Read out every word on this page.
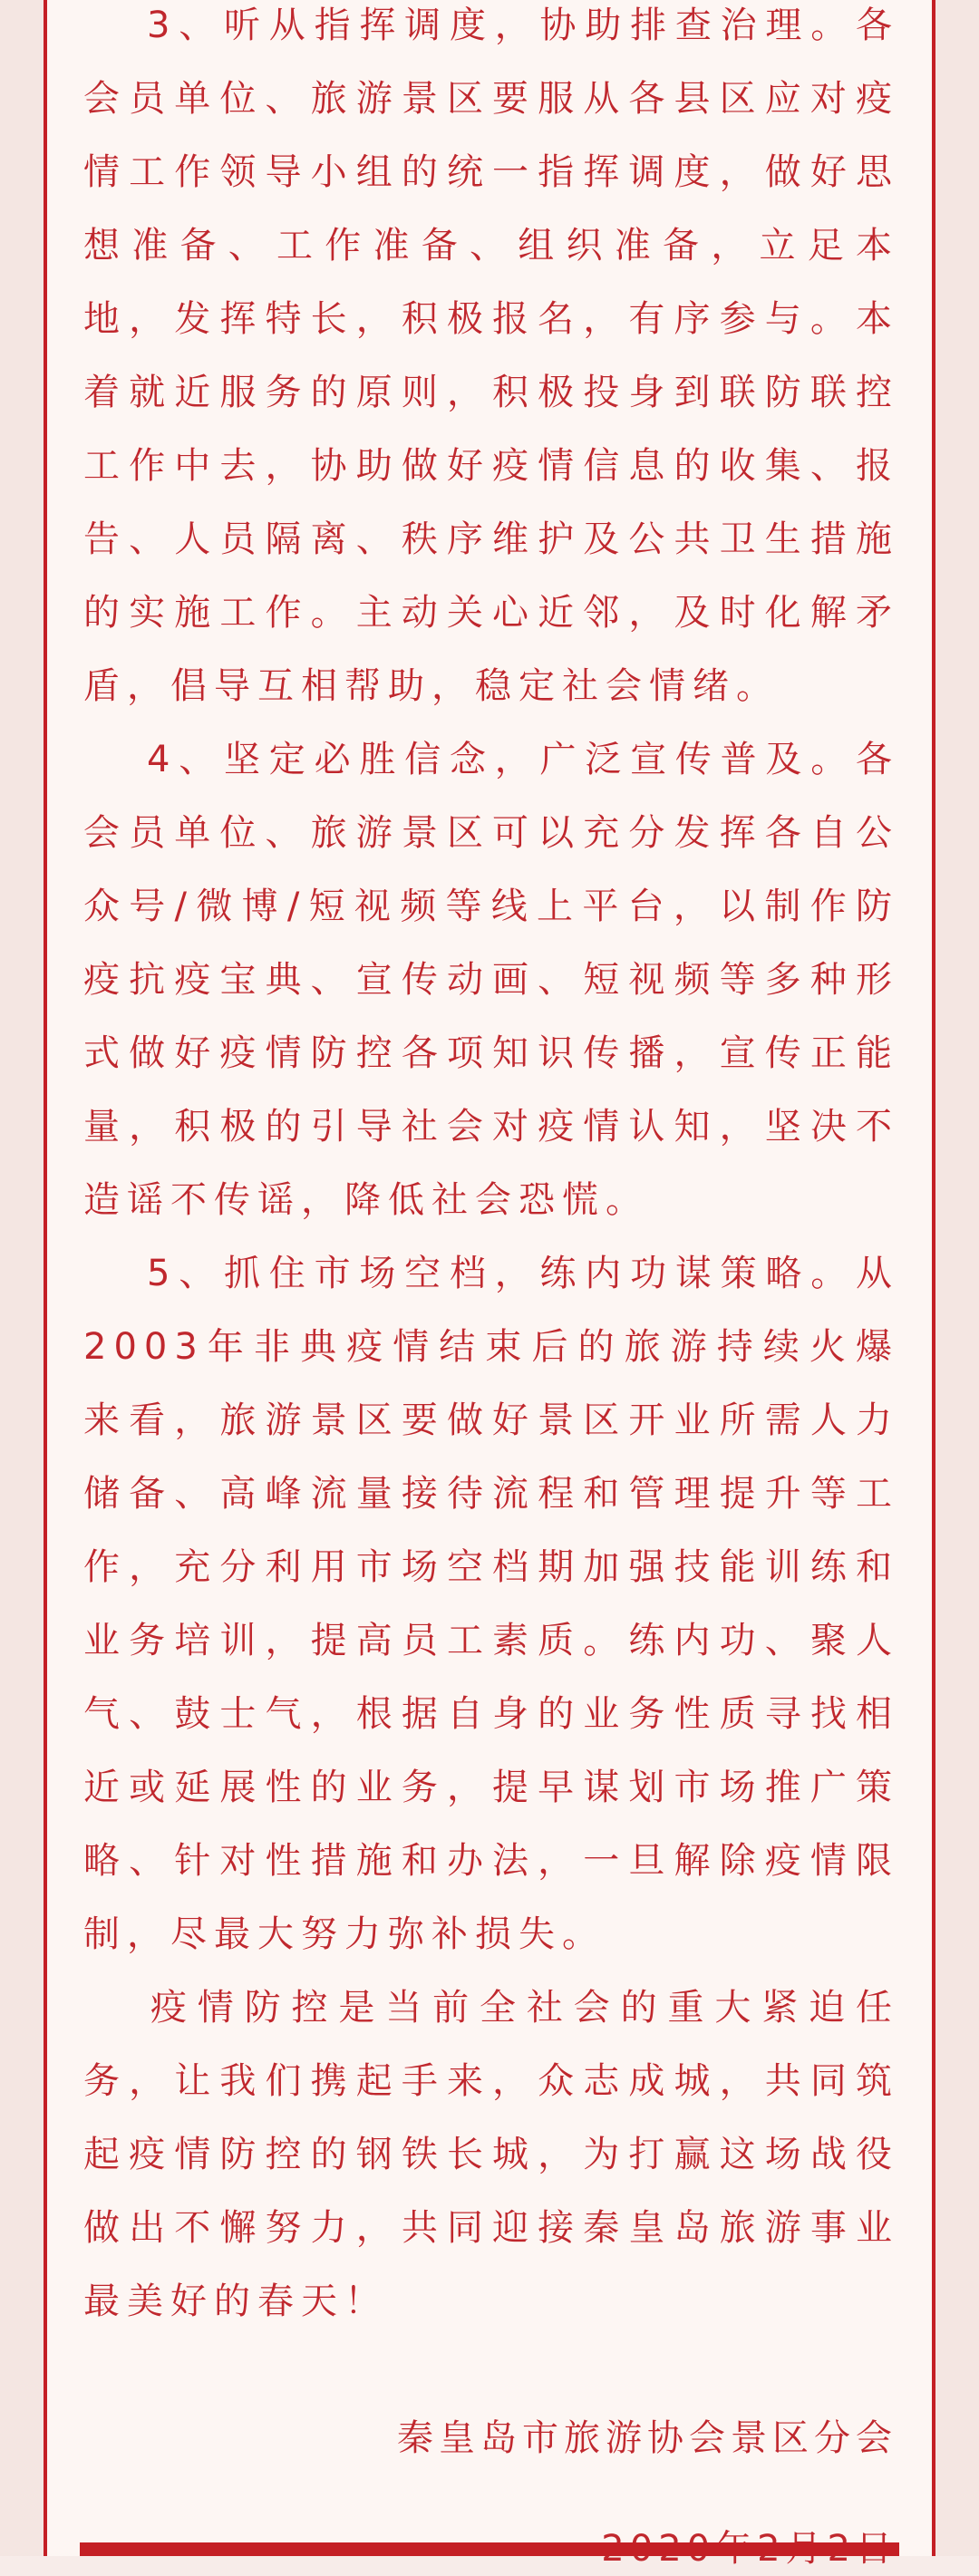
3、听从指挥调度，协助排查治理。各会员单位、旅游景区要服从各县区应对疫情工作领导小组的统一指挥调度，做好思想准备、工作准备、组织准备，立足本地，发挥特长，积极报名，有序参与。本着就近服务的原则，积极投身到联防联控工作中去，协助做好疫情信息的收集、报告、人员隔离、秩序维护及公共卫生措施的实施工作。主动关心近邻，及时化解矛盾，倡导互相帮助，稳定社会情绪。

4、坚定必胜信念，广泛宣传普及。各会员单位、旅游景区可以充分发挥各自公众号/微博/短视频等线上平台，以制作防疫抗疫宝典、宣传动画、短视频等多种形式做好疫情防控各项知识传播，宣传正能量，积极的引导社会对疫情认知，坚决不造谣不传谣，降低社会恐慌。

5、抓住市场空档，练内功谋策略。从2003年非典疫情结束后的旅游持续火爆来看，旅游景区要做好景区开业所需人力储备、高峰流量接待流程和管理提升等工作，充分利用市场空档期加强技能训练和业务培训，提高员工素质。练内功、聚人气、鼓士气，根据自身的业务性质寻找相近或延展性的业务，提早谋划市场推广策略、针对性措施和办法，一旦解除疫情限制，尽最大努力弥补损失。

疫情防控是当前全社会的重大紧迫任务，让我们携起手来，众志成城，共同筑起疫情防控的钢铁长城，为打赢这场战役做出不懈努力，共同迎接秦皇岛旅游事业最美好的春天！

秦皇岛市旅游协会景区分会
